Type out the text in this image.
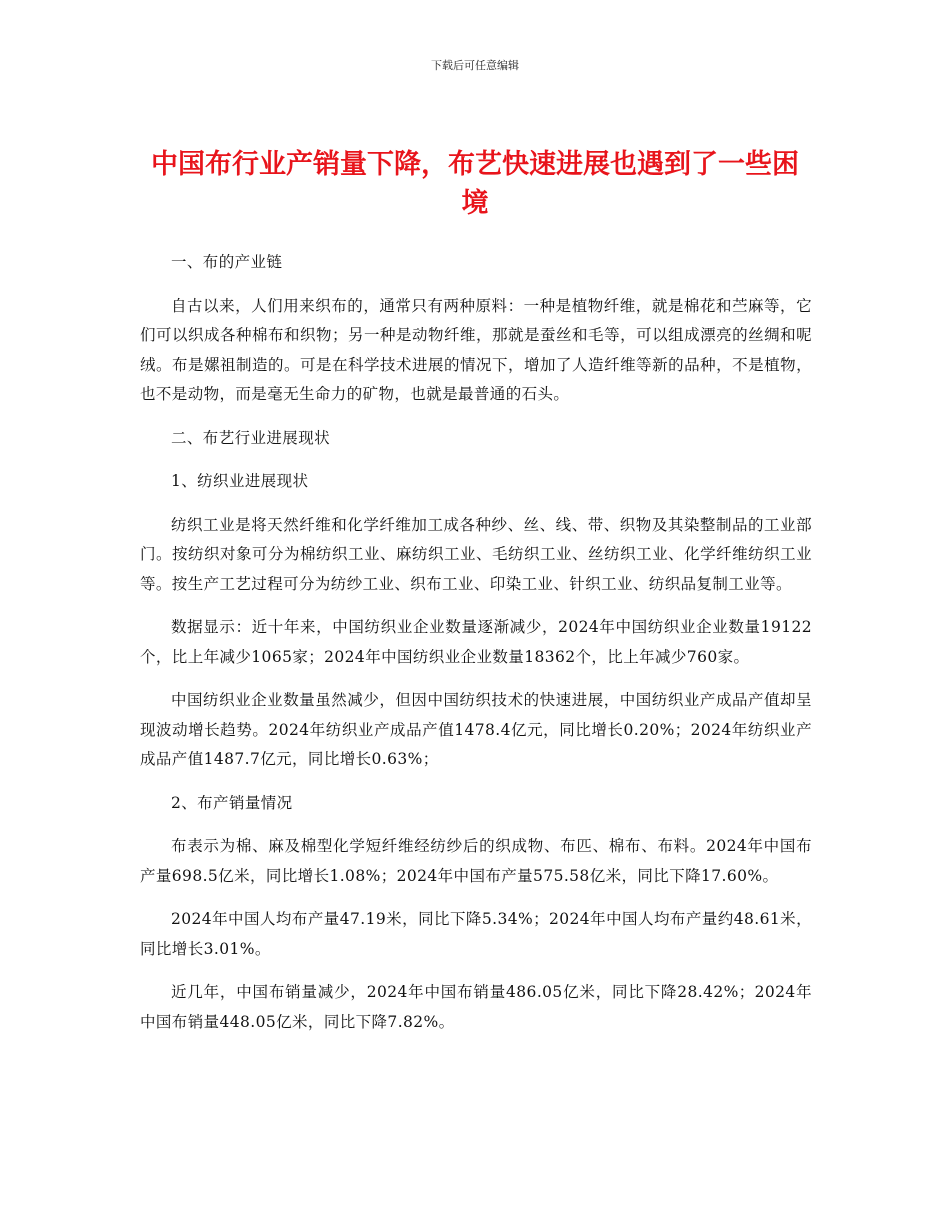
下载后可任意编辑
中国布行业产销量下降，布艺快速进展也遇到了一些困境

一、布的产业链

自古以来，人们用来织布的，通常只有两种原料：一种是植物纤维，就是棉花和苎麻等，它们可以织成各种棉布和织物；另一种是动物纤维，那就是蚕丝和毛等，可以组成漂亮的丝绸和呢绒。布是嫘祖制造的。可是在科学技术进展的情况下，增加了人造纤维等新的品种，不是植物，也不是动物，而是毫无生命力的矿物，也就是最普通的石头。

二、布艺行业进展现状

1、纺织业进展现状

纺织工业是将天然纤维和化学纤维加工成各种纱、丝、线、带、织物及其染整制品的工业部门。按纺织对象可分为棉纺织工业、麻纺织工业、毛纺织工业、丝纺织工业、化学纤维纺织工业等。按生产工艺过程可分为纺纱工业、织布工业、印染工业、针织工业、纺织品复制工业等。

数据显示：近十年来，中国纺织业企业数量逐渐减少，2024年中国纺织业企业数量19122个，比上年减少1065家；2024年中国纺织业企业数量18362个，比上年减少760家。

中国纺织业企业数量虽然减少，但因中国纺织技术的快速进展，中国纺织业产成品产值却呈现波动增长趋势。2024年纺织业产成品产值1478.4亿元，同比增长0.20%；2024年纺织业产成品产值1487.7亿元，同比增长0.63%；

2、布产销量情况

布表示为棉、麻及棉型化学短纤维经纺纱后的织成物、布匹、棉布、布料。2024年中国布产量698.5亿米，同比增长1.08%；2024年中国布产量575.58亿米，同比下降17.60%。

2024年中国人均布产量47.19米，同比下降5.34%；2024年中国人均布产量约48.61米，同比增长3.01%。

近几年，中国布销量减少，2024年中国布销量486.05亿米，同比下降28.42%；2024年中国布销量448.05亿米，同比下降7.82%。
